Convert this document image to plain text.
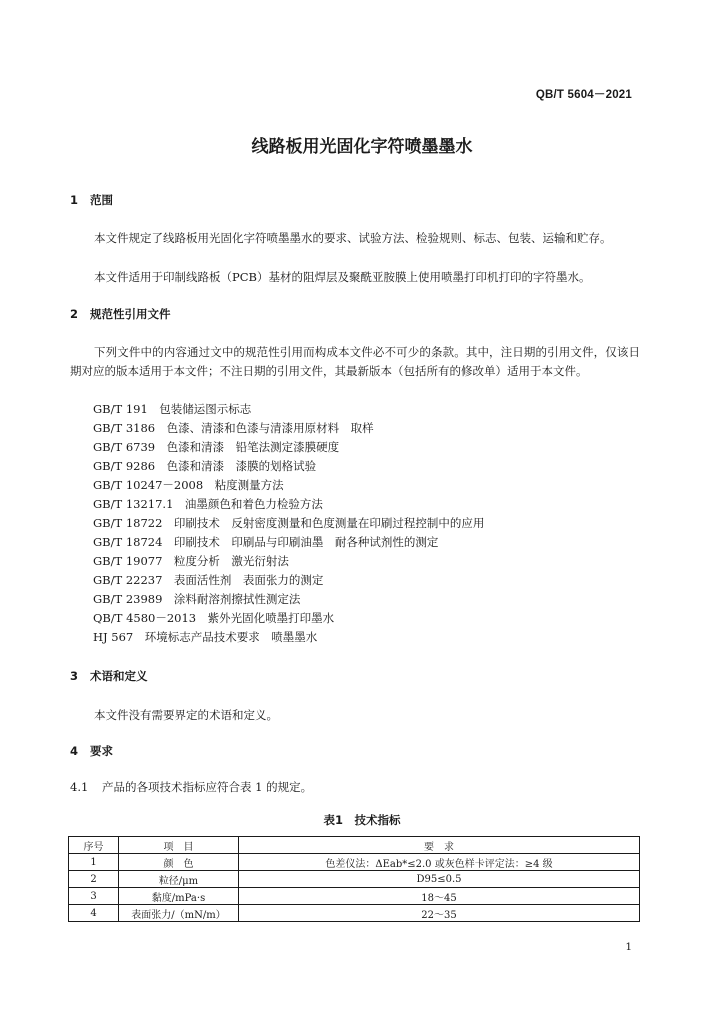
QB/T 5604－2021
线路板用光固化字符喷墨墨水
1 范围
本文件规定了线路板用光固化字符喷墨墨水的要求、试验方法、检验规则、标志、包装、运输和贮存。
本文件适用于印制线路板（PCB）基材的阻焊层及聚酰亚胺膜上使用喷墨打印机打印的字符墨水。
2 规范性引用文件
下列文件中的内容通过文中的规范性引用而构成本文件必不可少的条款。其中，注日期的引用文件，仅该日期对应的版本适用于本文件；不注日期的引用文件，其最新版本（包括所有的修改单）适用于本文件。
GB/T 191　包装储运图示标志
GB/T 3186　色漆、清漆和色漆与清漆用原材料　取样
GB/T 6739　色漆和清漆　铅笔法测定漆膜硬度
GB/T 9286　色漆和清漆　漆膜的划格试验
GB/T 10247－2008　粘度测量方法
GB/T 13217.1　油墨颜色和着色力检验方法
GB/T 18722　印刷技术　反射密度测量和色度测量在印刷过程控制中的应用
GB/T 18724　印刷技术　印刷品与印刷油墨　耐各种试剂性的测定
GB/T 19077　粒度分析　激光衍射法
GB/T 22237　表面活性剂　表面张力的测定
GB/T 23989　涂料耐溶剂擦拭性测定法
QB/T 4580－2013　紫外光固化喷墨打印墨水
HJ 567　环境标志产品技术要求　喷墨墨水
3 术语和定义
本文件没有需要界定的术语和定义。
4 要求
4.1 产品的各项技术指标应符合表 1 的规定。
表1　技术指标
序号	项　目	要　求
1	颜　色	色差仪法：ΔEab*≤2.0 或灰色样卡评定法：≥4 级
2	粒径/μm	D95≤0.5
3	黏度/mPa·s	18～45
4	表面张力/（mN/m）	22～35
1
